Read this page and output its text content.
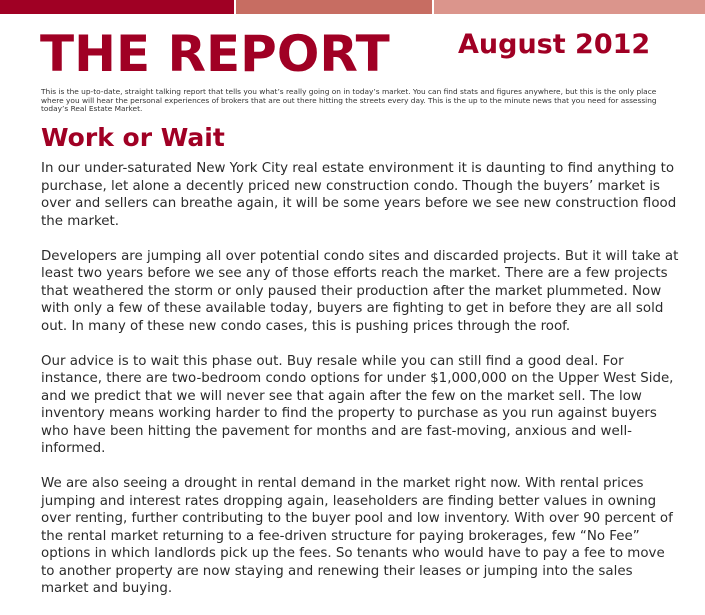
THE REPORT	August 2012

This is the up-to-date, straight talking report that tells you what’s really going on in today’s market. You can find stats and figures anywhere, but this is the only place where you will hear the personal experiences of brokers that are out there hitting the streets every day. This is the up to the minute news that you need for assessing today’s Real Estate Market.

Work or Wait

In our under-saturated New York City real estate environment it is daunting to find anything to purchase, let alone a decently priced new construction condo. Though the buyers’ market is over and sellers can breathe again, it will be some years before we see new construction flood the market.

Developers are jumping all over potential condo sites and discarded projects. But it will take at least two years before we see any of those efforts reach the market. There are a few projects that weathered the storm or only paused their production after the market plummeted. Now with only a few of these available today, buyers are fighting to get in before they are all sold out. In many of these new condo cases, this is pushing prices through the roof.

Our advice is to wait this phase out. Buy resale while you can still find a good deal. For instance, there are two-bedroom condo options for under $1,000,000 on the Upper West Side, and we predict that we will never see that again after the few on the market sell. The low inventory means working harder to find the property to purchase as you run against buyers who have been hitting the pavement for months and are fast-moving, anxious and well-informed.

We are also seeing a drought in rental demand in the market right now. With rental prices jumping and interest rates dropping again, leaseholders are finding better values in owning over renting, further contributing to the buyer pool and low inventory. With over 90 percent of the rental market returning to a fee-driven structure for paying brokerages, few “No Fee” options in which landlords pick up the fees. So tenants who would have to pay a fee to move to another property are now staying and renewing their leases or jumping into the sales market and buying.
